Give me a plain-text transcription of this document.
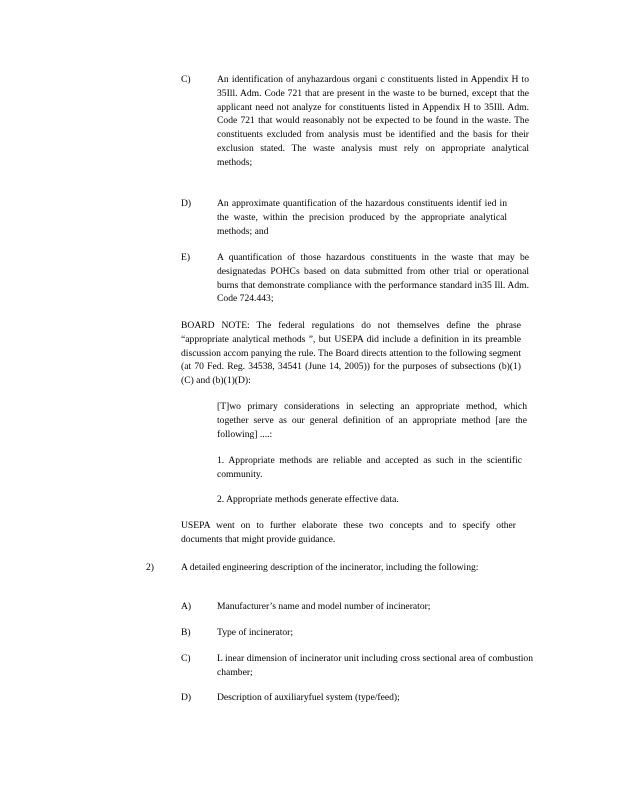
C)	An identification of anyhazardous organi c constituents listed in Appendix H to 35Ill. Adm. Code 721 that are present in the waste to be burned, except that the applicant need not analyze for constituents listed in Appendix H to 35Ill. Adm. Code 721 that would reasonably not be expected to be found in the waste. The constituents excluded from analysis must be identified and the basis for their exclusion stated. The waste analysis must rely on appropriate analytical methods;

D)	An approximate quantification of the hazardous constituents identif ied in the waste, within the precision produced by the appropriate analytical methods; and

E)	A quantification of those hazardous constituents in the waste that may be designatedas POHCs based on data submitted from other trial or operational burns that demonstrate compliance with the performance standard in35 Ill. Adm. Code 724.443;

BOARD NOTE: The federal regulations do not themselves define the phrase “appropriate analytical methods ”, but USEPA did include a definition in its preamble discussion accom panying the rule. The Board directs attention to the following segment (at 70 Fed. Reg. 34538, 34541 (June 14, 2005)) for the purposes of subsections (b)(1)(C) and (b)(1)(D):

[T]wo primary considerations in selecting an appropriate method, which together serve as our general definition of an appropriate method [are the following] ....:

1. Appropriate methods are reliable and accepted as such in the scientific community.

2. Appropriate methods generate effective data.

USEPA went on to further elaborate these two concepts and to specify other documents that might provide guidance.

2)	A detailed engineering description of the incinerator, including the following:

A)	Manufacturer’s name and model number of incinerator;

B)	Type of incinerator;

C)	L inear dimension of incinerator unit including cross sectional area of combustion chamber;

D)	Description of auxiliaryfuel system (type/feed);
